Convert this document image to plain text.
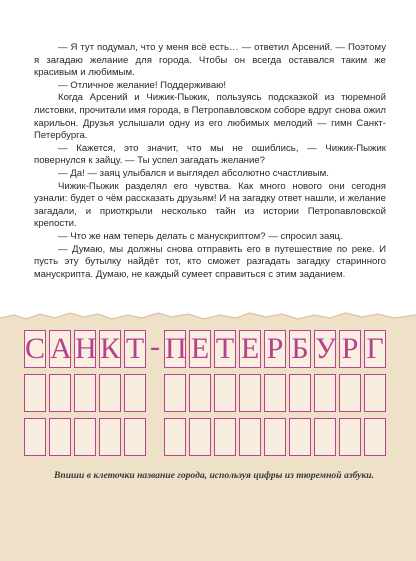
— Я тут подумал, что у меня всё есть… — ответил Арсений. — Поэтому я загадаю желание для города. Чтобы он всегда оставался таким же красивым и любимым.

— Отличное желание! Поддерживаю!

Когда Арсений и Чижик-Пыжик, пользуясь подсказкой из тюремной листовки, прочитали имя города, в Петропавловском соборе вдруг снова ожил карильон. Друзья услышали одну из его любимых мелодий — гимн Санкт-Петербурга.

— Кажется, это значит, что мы не ошиблись, — Чижик-Пыжик повернулся к зайцу. — Ты успел загадать желание?

— Да! — заяц улыбался и выглядел абсолютно счастливым.

Чижик-Пыжик разделял его чувства. Как много нового они сегодня узнали: будет о чём рассказать друзьям! И на загадку ответ нашли, и желание загадали, и приоткрыли несколько тайн из истории Петропавловской крепости.

— Что же нам теперь делать с манускриптом? — спросил заяц.

— Думаю, мы должны снова отправить его в путешествие по реке. И пусть эту бутылку найдёт тот, кто сможет разгадать загадку старинного манускрипта. Думаю, не каждый сумеет справиться с этим заданием.

С А Н К Т - П Е Т Е Р Б У Р Г
Впиши в клеточки название города, используя цифры из тюремной азбуки.
